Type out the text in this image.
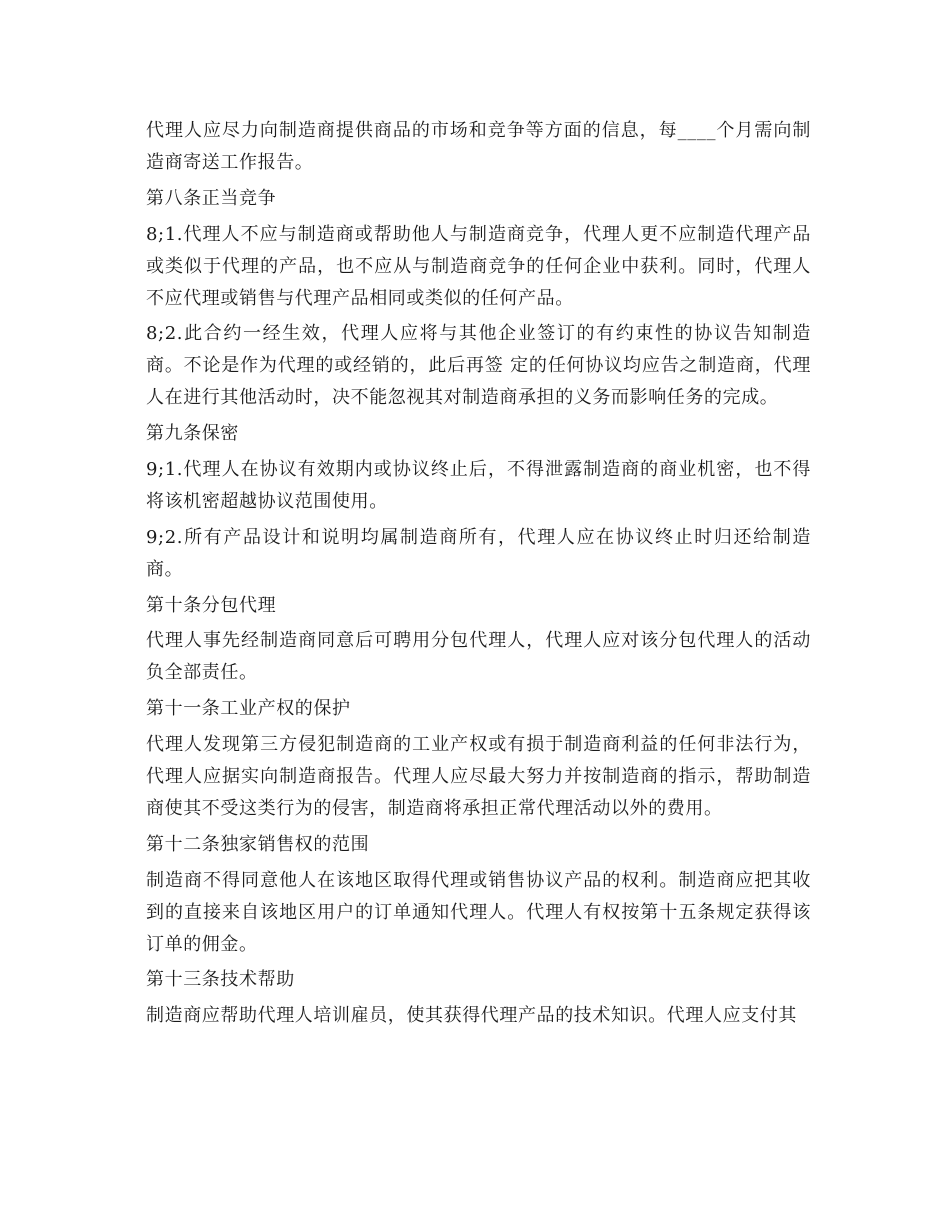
代理人应尽力向制造商提供商品的市场和竞争等方面的信息，每____个月需向制造商寄送工作报告。

第八条正当竞争

8;1.代理人不应与制造商或帮助他人与制造商竞争，代理人更不应制造代理产品或类似于代理的产品，也不应从与制造商竞争的任何企业中获利。同时，代理人不应代理或销售与代理产品相同或类似的任何产品。

8;2.此合约一经生效，代理人应将与其他企业签订的有约束性的协议告知制造商。不论是作为代理的或经销的，此后再签 定的任何协议均应告之制造商，代理人在进行其他活动时，决不能忽视其对制造商承担的义务而影响任务的完成。

第九条保密

9;1.代理人在协议有效期内或协议终止后，不得泄露制造商的商业机密，也不得将该机密超越协议范围使用。

9;2.所有产品设计和说明均属制造商所有，代理人应在协议终止时归还给制造商。

第十条分包代理

代理人事先经制造商同意后可聘用分包代理人，代理人应对该分包代理人的活动负全部责任。

第十一条工业产权的保护

代理人发现第三方侵犯制造商的工业产权或有损于制造商利益的任何非法行为，代理人应据实向制造商报告。代理人应尽最大努力并按制造商的指示，帮助制造商使其不受这类行为的侵害，制造商将承担正常代理活动以外的费用。

第十二条独家销售权的范围

制造商不得同意他人在该地区取得代理或销售协议产品的权利。制造商应把其收到的直接来自该地区用户的订单通知代理人。代理人有权按第十五条规定获得该订单的佣金。

第十三条技术帮助

制造商应帮助代理人培训雇员，使其获得代理产品的技术知识。代理人应支付其
